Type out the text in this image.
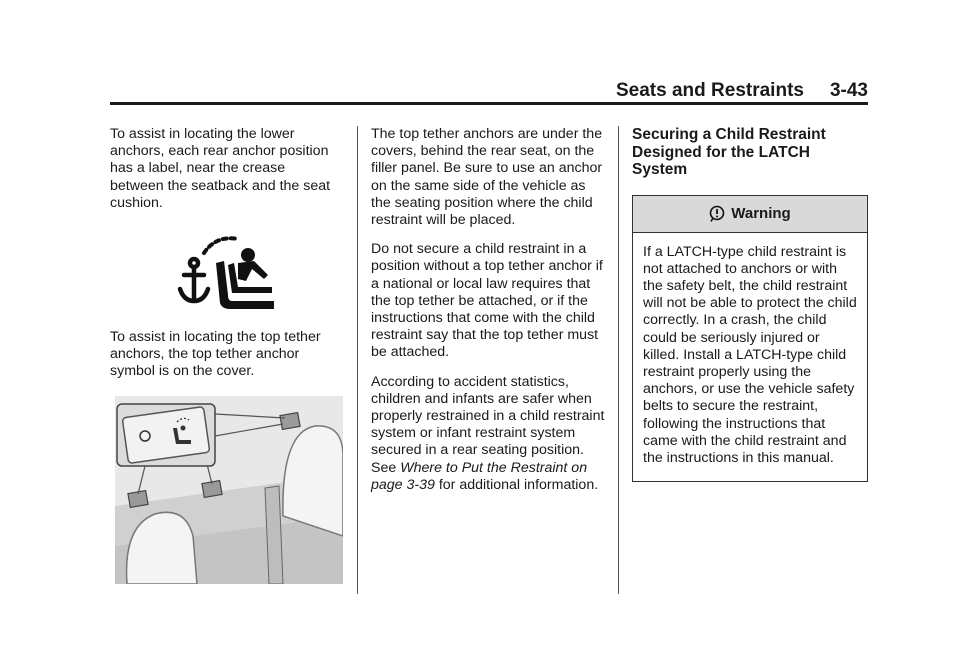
Seats and Restraints 3-43

To assist in locating the lower anchors, each rear anchor position has a label, near the crease between the seatback and the seat cushion.

To assist in locating the top tether anchors, the top tether anchor symbol is on the cover.

The top tether anchors are under the covers, behind the rear seat, on the filler panel. Be sure to use an anchor on the same side of the vehicle as the seating position where the child restraint will be placed.

Do not secure a child restraint in a position without a top tether anchor if a national or local law requires that the top tether be attached, or if the instructions that come with the child restraint say that the top tether must be attached.

According to accident statistics, children and infants are safer when properly restrained in a child restraint system or infant restraint system secured in a rear seating position. See Where to Put the Restraint on page 3-39 for additional information.

Securing a Child Restraint Designed for the LATCH System
Warning
If a LATCH-type child restraint is not attached to anchors or with the safety belt, the child restraint will not be able to protect the child correctly. In a crash, the child could be seriously injured or killed. Install a LATCH-type child restraint properly using the anchors, or use the vehicle safety belts to secure the restraint, following the instructions that came with the child restraint and the instructions in this manual.
